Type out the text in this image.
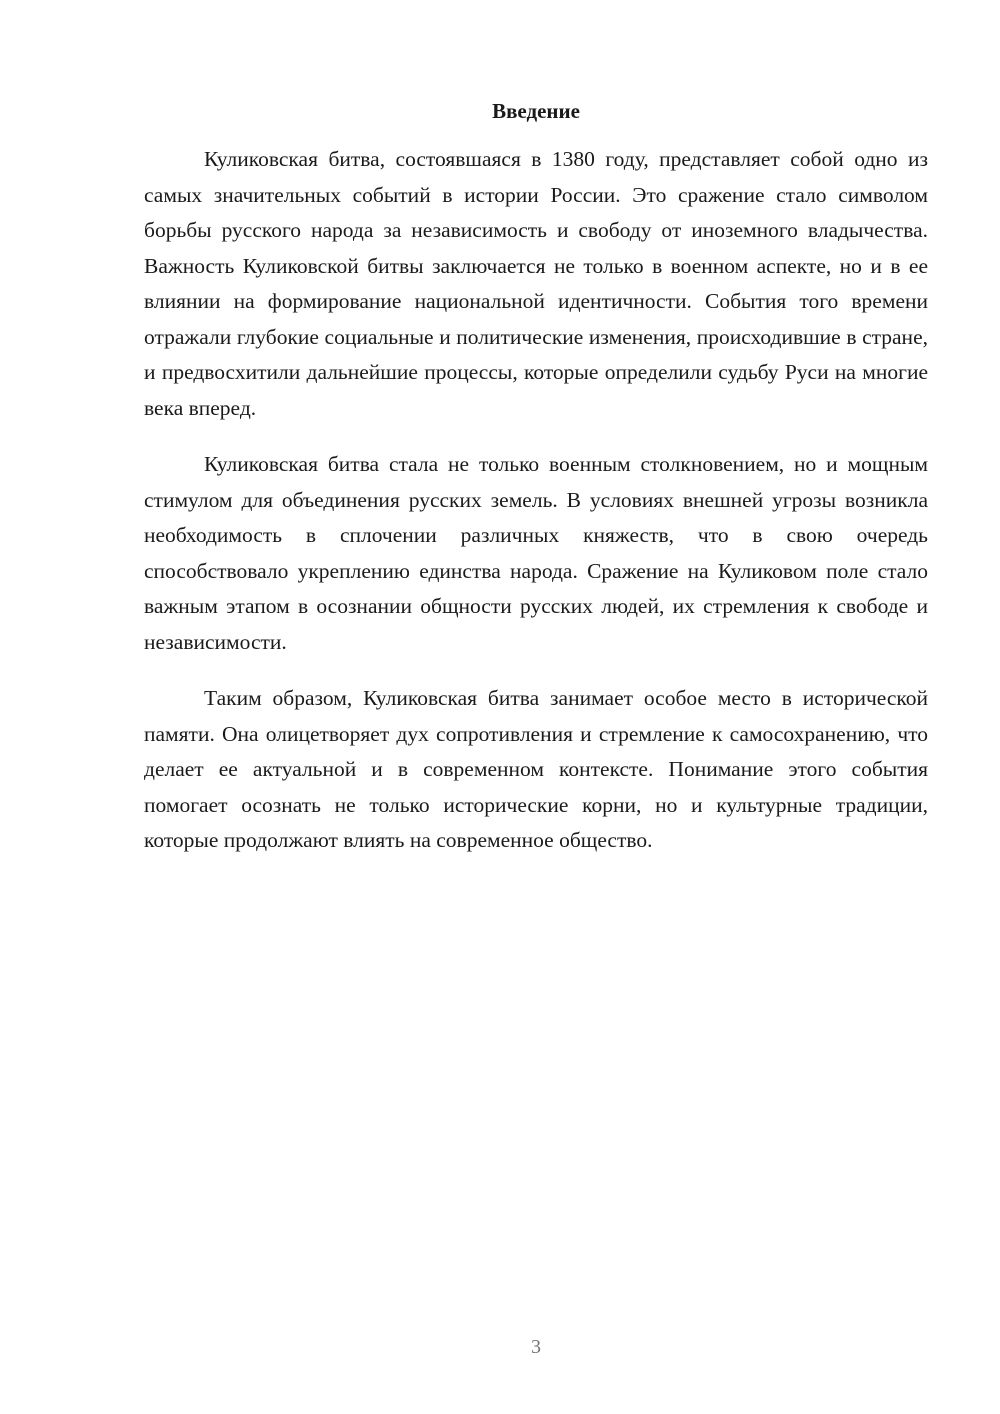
Введение

Куликовская битва, состоявшаяся в 1380 году, представляет собой одно из самых значительных событий в истории России. Это сражение стало символом борьбы русского народа за независимость и свободу от иноземного владычества. Важность Куликовской битвы заключается не только в военном аспекте, но и в ее влиянии на формирование национальной идентичности. События того времени отражали глубокие социальные и политические изменения, происходившие в стране, и предвосхитили дальнейшие процессы, которые определили судьбу Руси на многие века вперед.

Куликовская битва стала не только военным столкновением, но и мощным стимулом для объединения русских земель. В условиях внешней угрозы возникла необходимость в сплочении различных княжеств, что в свою очередь способствовало укреплению единства народа. Сражение на Куликовом поле стало важным этапом в осознании общности русских людей, их стремления к свободе и независимости.

Таким образом, Куликовская битва занимает особое место в исторической памяти. Она олицетворяет дух сопротивления и стремление к самосохранению, что делает ее актуальной и в современном контексте. Понимание этого события помогает осознать не только исторические корни, но и культурные традиции, которые продолжают влиять на современное общество.

3
